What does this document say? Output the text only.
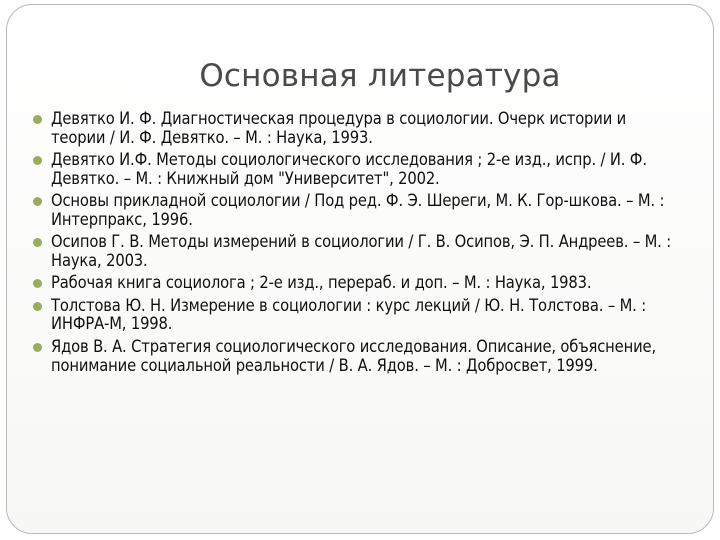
Основная литература
Девятко И. Ф. Диагностическая процедура в социологии. Очерк истории и теории / И. Ф. Девятко. – М. : Наука, 1993.
Девятко И.Ф. Методы социологического исследования ; 2-е изд., испр. / И. Ф. Девятко. – М. : Книжный дом "Университет", 2002.
Основы прикладной социологии / Под ред. Ф. Э. Шереги, М. К. Гор-шкова. – М. : Интерпракс, 1996.
Осипов Г. В. Методы измерений в социологии / Г. В. Осипов, Э. П. Андреев. – М. : Наука, 2003.
Рабочая книга социолога ; 2-е изд., перераб. и доп. – М. : Наука, 1983.
Толстова Ю. Н. Измерение в социологии : курс лекций / Ю. Н. Толстова. – М. : ИНФРА-М, 1998.
Ядов В. А. Стратегия социологического исследования. Описание, объяснение, понимание социальной реальности / В. А. Ядов. – М. : Добросвет, 1999.
